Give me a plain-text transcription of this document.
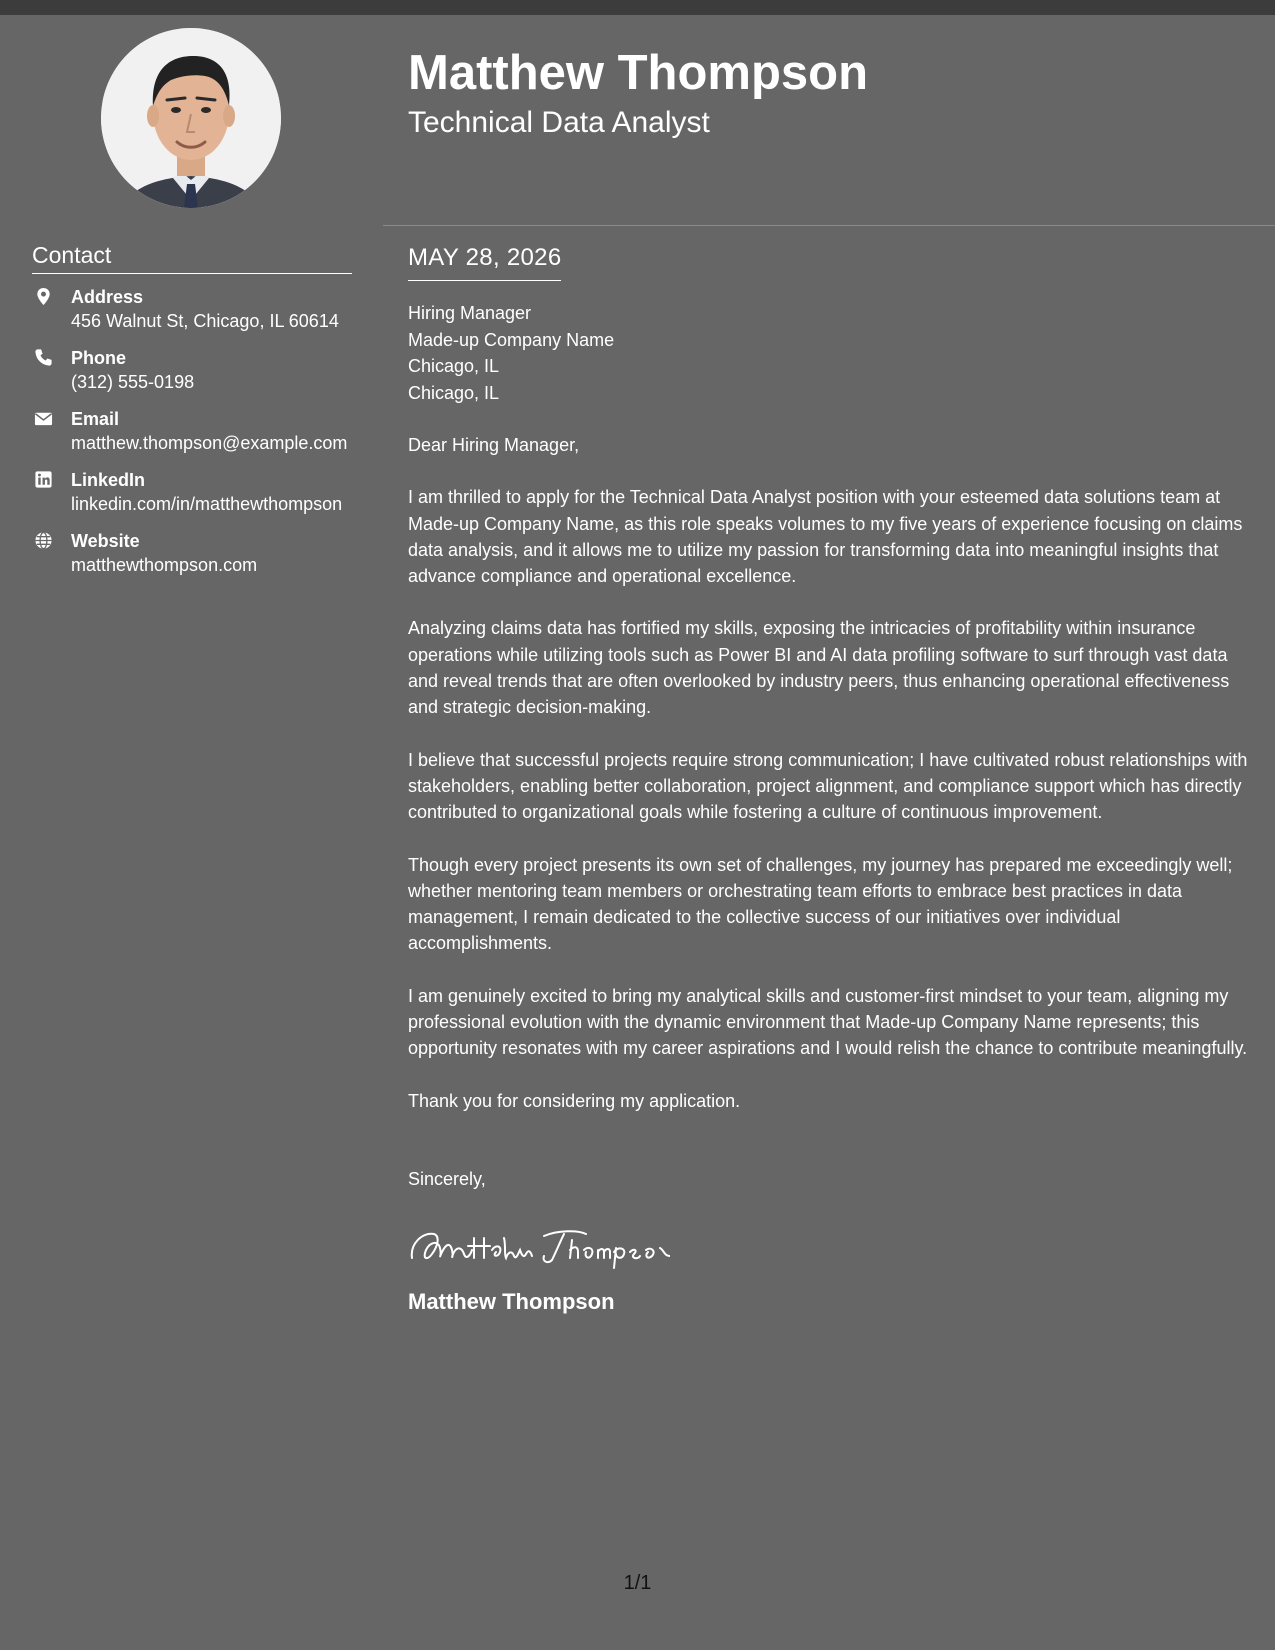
Contact
Address
456 Walnut St, Chicago, IL 60614
Phone
(312) 555-0198
Email
matthew.thompson@example.com
LinkedIn
linkedin.com/in/matthewthompson
Website
matthewthompson.com
Matthew Thompson
Technical Data Analyst
MAY 28, 2026
Hiring Manager
Made-up Company Name
Chicago, IL
Chicago, IL
Dear Hiring Manager,
I am thrilled to apply for the Technical Data Analyst position with your esteemed data solutions team at Made-up Company Name, as this role speaks volumes to my five years of experience focusing on claims data analysis, and it allows me to utilize my passion for transforming data into meaningful insights that advance compliance and operational excellence.
Analyzing claims data has fortified my skills, exposing the intricacies of profitability within insurance operations while utilizing tools such as Power BI and AI data profiling software to surf through vast data and reveal trends that are often overlooked by industry peers, thus enhancing operational effectiveness and strategic decision-making.
I believe that successful projects require strong communication; I have cultivated robust relationships with stakeholders, enabling better collaboration, project alignment, and compliance support which has directly contributed to organizational goals while fostering a culture of continuous improvement.
Though every project presents its own set of challenges, my journey has prepared me exceedingly well; whether mentoring team members or orchestrating team efforts to embrace best practices in data management, I remain dedicated to the collective success of our initiatives over individual accomplishments.
I am genuinely excited to bring my analytical skills and customer-first mindset to your team, aligning my professional evolution with the dynamic environment that Made-up Company Name represents; this opportunity resonates with my career aspirations and I would relish the chance to contribute meaningfully.
Thank you for considering my application.
Sincerely,
Matthew Thompson
1/1
